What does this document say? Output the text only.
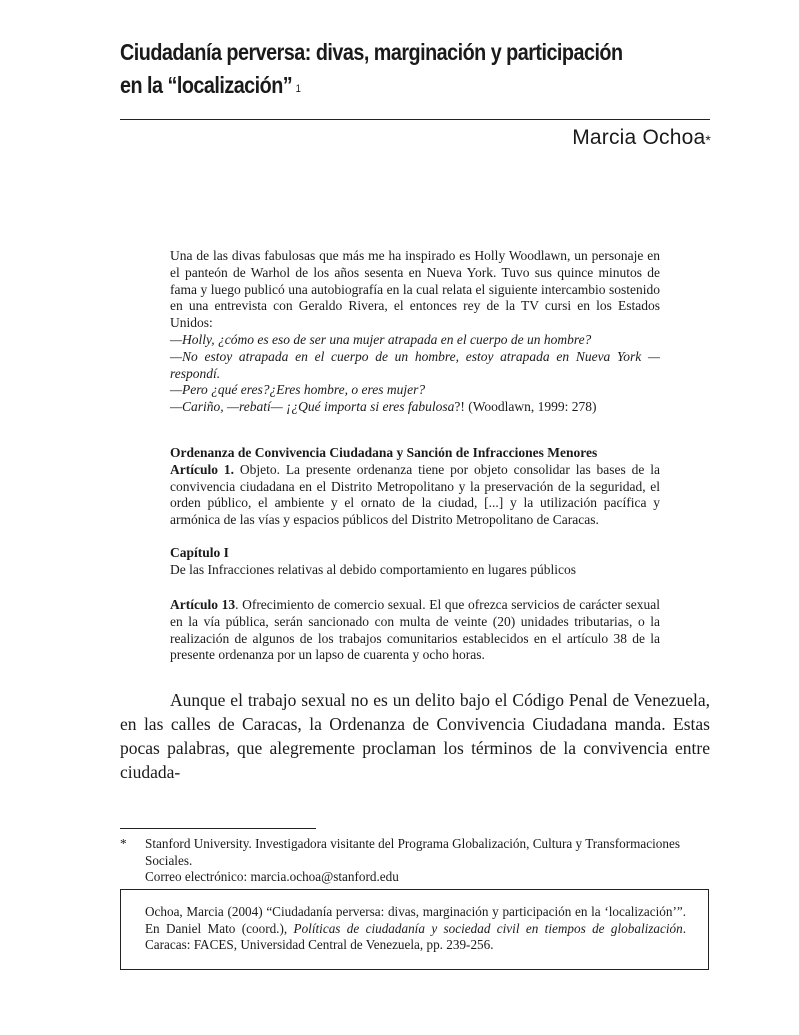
Ciudadanía perversa: divas, marginación y participación
en la “localización” $^1$
Marcia Ochoa*

Una de las divas fabulosas que más me ha inspirado es Holly Woodlawn, un personaje en el panteón de Warhol de los años sesenta en Nueva York. Tuvo sus quince minutos de fama y luego publicó una autobiografía en la cual relata el siguiente intercambio sostenido en una entrevista con Geraldo Rivera, el entonces rey de la TV cursi en los Estados Unidos:

—Holly, ¿cómo es eso de ser una mujer atrapada en el cuerpo de un hombre?

—No estoy atrapada en el cuerpo de un hombre, estoy atrapada en Nueva York —respondí.

—Pero ¿qué eres?¿Eres hombre, o eres mujer?

—Cariño, —rebatí— ¡¿Qué importa si eres fabulosa?! (Woodlawn, 1999: 278)

Ordenanza de Convivencia Ciudadana y Sanción de Infracciones Menores

Artículo 1. Objeto. La presente ordenanza tiene por objeto consolidar las bases de la convivencia ciudadana en el Distrito Metropolitano y la preservación de la seguridad, el orden público, el ambiente y el ornato de la ciudad, [...] y la utilización pacífica y armónica de las vías y espacios públicos del Distrito Metropolitano de Caracas.

Capítulo I

De las Infracciones relativas al debido comportamiento en lugares públicos

Artículo 13. Ofrecimiento de comercio sexual. El que ofrezca servicios de carácter sexual en la vía pública, serán sancionado con multa de veinte (20) unidades tributarias, o la realización de algunos de los trabajos comunitarios establecidos en el artículo 38 de la presente ordenanza por un lapso de cuarenta y ocho horas.

Aunque el trabajo sexual no es un delito bajo el Código Penal de Venezuela, en las calles de Caracas, la Ordenanza de Convivencia Ciudadana manda. Estas pocas palabras, que alegremente proclaman los términos de la convivencia entre ciudada-

* Stanford University. Investigadora visitante del Programa Globalización, Cultura y Transformaciones Sociales.
Correo electrónico: marcia.ochoa@stanford.edu
Ochoa, Marcia (2004) “Ciudadanía perversa: divas, marginación y participación en la ‘localización’”. En Daniel Mato (coord.), Políticas de ciudadanía y sociedad civil en tiempos de globalización. Caracas: FACES, Universidad Central de Venezuela, pp. 239-256.
